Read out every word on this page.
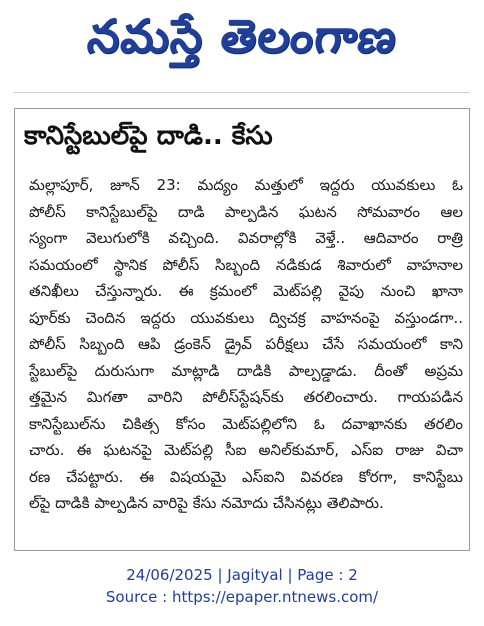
నమస్తే తెలంగాణ
కానిస్టేబుల్‌పై దాడి.. కేసు
మల్లాపూర్, జూన్ 23: మద్యం మత్తులో ఇద్దరు యువకులు ఓ
పోలీస్ కానిస్టేబుల్‌పై దాడి పాల్పడిన ఘటన సోమవారం ఆల
స్యంగా వెలుగులోకి వచ్చింది. వివరాల్లోకి వెళ్తే.. ఆదివారం రాత్రి
సమయంలో స్థానిక పోలీస్ సిబ్బంది నడికుడ శివారులో వాహనాల
తనిఖీలు చేస్తున్నారు. ఈ క్రమంలో మెట్‌పల్లి వైపు నుంచి ఖానా
పూర్‌కు చెందిన ఇద్దరు యువకులు ద్విచక్ర వాహనంపై వస్తుండగా..
పోలీస్ సిబ్బంది ఆపి డ్రంకెన్ డ్రైవ్ పరీక్షలు చేసే సమయంలో కాని
స్టేబుల్‌పై దురుసుగా మాట్లాడి దాడికి పాల్పడ్డాడు. దీంతో అప్రమ
త్తమైన మిగతా వారిని పోలీస్‌స్టేషన్‌కు తరలించారు. గాయపడిన
కానిస్టేబుల్‌ను చికిత్స కోసం మెట్‌పల్లిలోని ఓ దవాఖానకు తరలిం
చారు. ఈ ఘటనపై మెట్‌పల్లి సీఐ అనిల్‌కుమార్, ఎస్‌ఐ రాజు విచా
రణ చేపట్టారు. ఈ విషయమై ఎస్‌ఐని వివరణ కోరగా, కానిస్టేబు
ల్‌పై దాడికి పాల్పడిన వారిపై కేసు నమోదు చేసినట్లు తెలిపారు.
24/06/2025 | Jagityal | Page : 2
Source : https://epaper.ntnews.com/
